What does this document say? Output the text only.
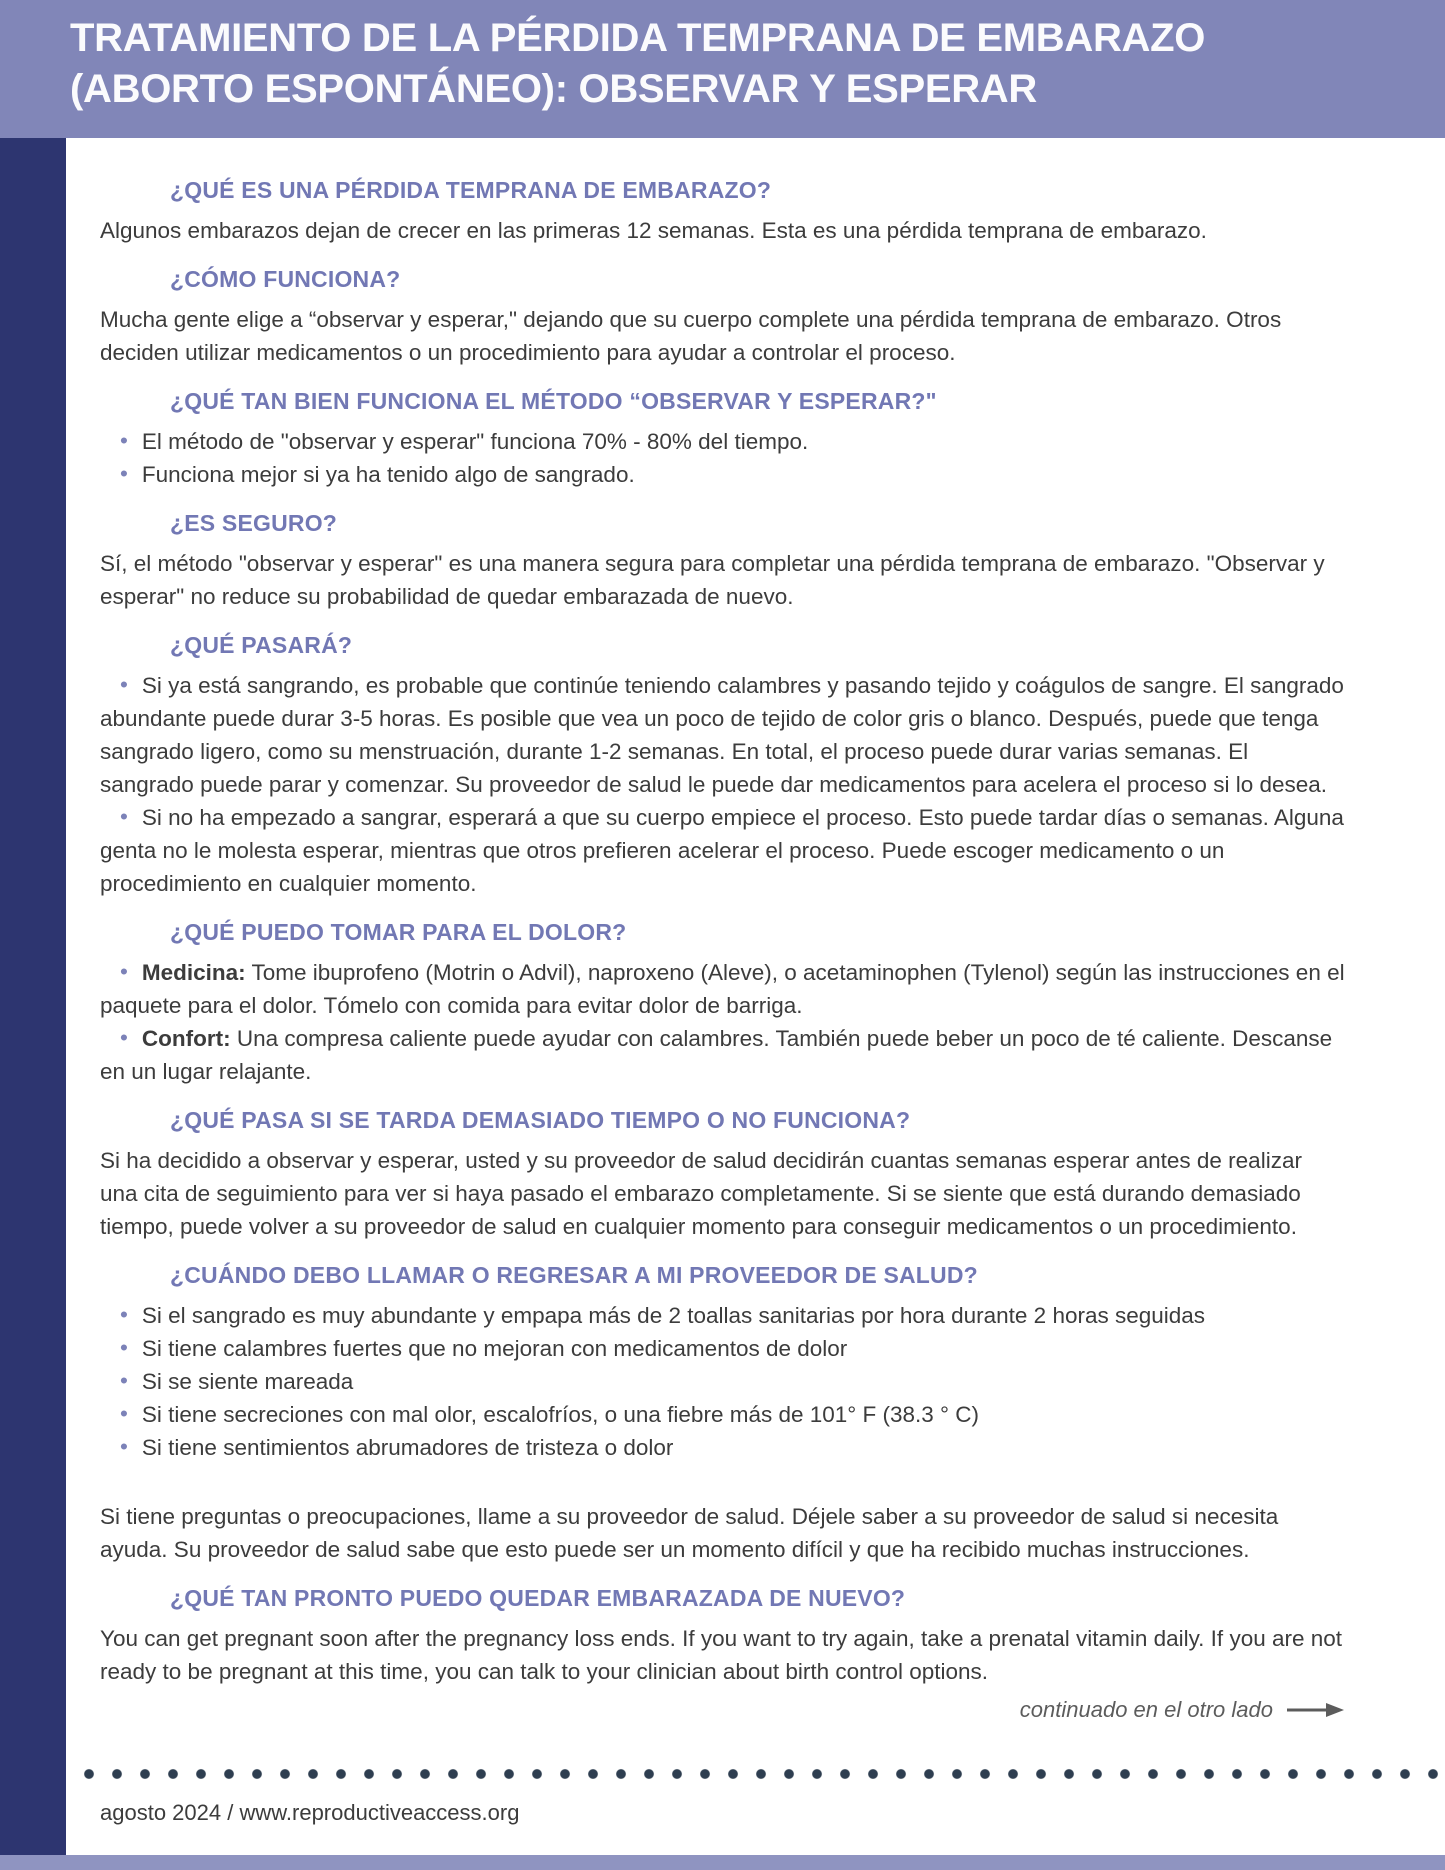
TRATAMIENTO DE LA PÉRDIDA TEMPRANA DE EMBARAZO
(ABORTO ESPONTÁNEO): OBSERVAR Y ESPERAR
¿QUÉ ES UNA PÉRDIDA TEMPRANA DE EMBARAZO?

Algunos embarazos dejan de crecer en las primeras 12 semanas. Esta es una pérdida temprana de embarazo.

¿CÓMO FUNCIONA?

Mucha gente elige a “observar y esperar," dejando que su cuerpo complete una pérdida temprana de embarazo. Otros deciden utilizar medicamentos o un procedimiento para ayudar a controlar el proceso.

¿QUÉ TAN BIEN FUNCIONA EL MÉTODO “OBSERVAR Y ESPERAR?"
• El método de "observar y esperar" funciona 70% - 80% del tiempo.
• Funciona mejor si ya ha tenido algo de sangrado.
¿ES SEGURO?

Sí, el método "observar y esperar" es una manera segura para completar una pérdida temprana de embarazo. "Observar y esperar" no reduce su probabilidad de quedar embarazada de nuevo.

¿QUÉ PASARÁ?
• Si ya está sangrando, es probable que continúe teniendo calambres y pasando tejido y coágulos de sangre. El sangrado abundante puede durar 3-5 horas. Es posible que vea un poco de tejido de color gris o blanco. Después, puede que tenga sangrado ligero, como su menstruación, durante 1-2 semanas. En total, el proceso puede durar varias semanas. El sangrado puede parar y comenzar. Su proveedor de salud le puede dar medicamentos para acelera el proceso si lo desea.
• Si no ha empezado a sangrar, esperará a que su cuerpo empiece el proceso. Esto puede tardar días o semanas. Alguna genta no le molesta esperar, mientras que otros prefieren acelerar el proceso. Puede escoger medicamento o un procedimiento en cualquier momento.
¿QUÉ PUEDO TOMAR PARA EL DOLOR?
• Medicina: Tome ibuprofeno (Motrin o Advil), naproxeno (Aleve), o acetaminophen (Tylenol) según las instrucciones en el paquete para el dolor. Tómelo con comida para evitar dolor de barriga.
• Confort: Una compresa caliente puede ayudar con calambres. También puede beber un poco de té caliente. Descanse en un lugar relajante.
¿QUÉ PASA SI SE TARDA DEMASIADO TIEMPO O NO FUNCIONA?

Si ha decidido a observar y esperar, usted y su proveedor de salud decidirán cuantas semanas esperar antes de realizar una cita de seguimiento para ver si haya pasado el embarazo completamente. Si se siente que está durando demasiado tiempo, puede volver a su proveedor de salud en cualquier momento para conseguir medicamentos o un procedimiento.

¿CUÁNDO DEBO LLAMAR O REGRESAR A MI PROVEEDOR DE SALUD?
• Si el sangrado es muy abundante y empapa más de 2 toallas sanitarias por hora durante 2 horas seguidas
• Si tiene calambres fuertes que no mejoran con medicamentos de dolor
• Si se siente mareada
• Si tiene secreciones con mal olor, escalofríos, o una fiebre más de 101° F (38.3 ° C)
• Si tiene sentimientos abrumadores de tristeza o dolor

Si tiene preguntas o preocupaciones, llame a su proveedor de salud. Déjele saber a su proveedor de salud si necesita ayuda. Su proveedor de salud sabe que esto puede ser un momento difícil y que ha recibido muchas instrucciones.

¿QUÉ TAN PRONTO PUEDO QUEDAR EMBARAZADA DE NUEVO?

You can get pregnant soon after the pregnancy loss ends. If you want to try again, take a prenatal vitamin daily. If you are not ready to be pregnant at this time, you can talk to your clinician about birth control options.

continuado en el otro lado
agosto 2024 / www.reproductiveaccess.org
